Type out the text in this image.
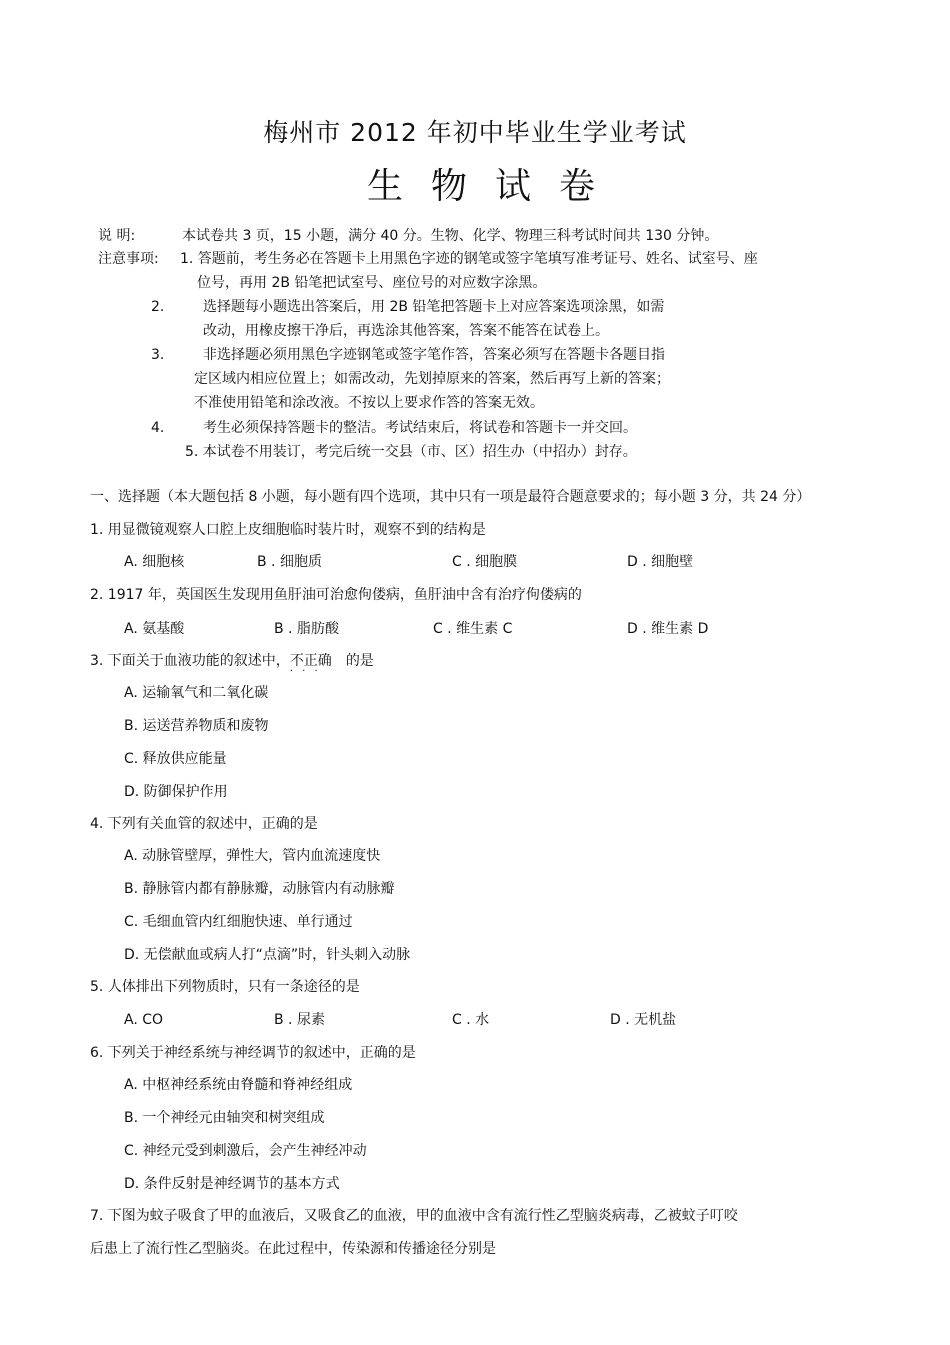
梅州市 2012 年初中毕业生学业考试
生物试卷
说 明:	本试卷共 3 页，15 小题，满分 40 分。生物、化学、物理三科考试时间共 130 分钟。
注意事项: 1. 答题前，考生务必在答题卡上用黑色字迹的钢笔或签字笔填写准考证号、姓名、试室号、座
位号，再用 2B 铅笔把试室号、座位号的对应数字涂黑。
2.	选择题每小题选出答案后，用 2B 铅笔把答题卡上对应答案选项涂黑，如需
改动，用橡皮擦干净后，再选涂其他答案，答案不能答在试卷上。
3.	非选择题必须用黑色字迹钢笔或签字笔作答，答案必须写在答题卡各题目指
定区域内相应位置上；如需改动，先划掉原来的答案，然后再写上新的答案；
不准使用铅笔和涂改液。不按以上要求作答的答案无效。
4.	考生必须保持答题卡的整洁。考试结束后，将试卷和答题卡一并交回。
5. 本试卷不用装订，考完后统一交县（市、区）招生办（中招办）封存。
一、选择题（本大题包括 8 小题，每小题有四个选项，其中只有一项是最符合题意要求的；每小题 3 分，共 24 分）
1. 用显微镜观察人口腔上皮细胞临时装片时，观察不到的结构是
A. 细胞核	B . 细胞质	C . 细胞膜	D . 细胞壁
2. 1917 年，英国医生发现用鱼肝油可治愈佝偻病，鱼肝油中含有治疗佝偻病的
A. 氨基酸	B . 脂肪酸	C . 维生素 C	D . 维生素 D
3. 下面关于血液功能的叙述中，不正确 · · · 的是
A. 运输氧气和二氧化碳
B. 运送营养物质和废物
C. 释放供应能量
D. 防御保护作用
4. 下列有关血管的叙述中，正确的是
A. 动脉管壁厚，弹性大，管内血流速度快
B. 静脉管内都有静脉瓣，动脉管内有动脉瓣
C. 毛细血管内红细胞快速、单行通过
D. 无偿献血或病人打“点滴”时，针头刺入动脉
5. 人体排出下列物质时，只有一条途径的是
A. CO	B . 尿素	C . 水	D . 无机盐
6. 下列关于神经系统与神经调节的叙述中，正确的是
A. 中枢神经系统由脊髓和脊神经组成
B. 一个神经元由轴突和树突组成
C. 神经元受到刺激后，会产生神经冲动
D. 条件反射是神经调节的基本方式
7. 下图为蚊子吸食了甲的血液后，又吸食乙的血液，甲的血液中含有流行性乙型脑炎病毒，乙被蚊子叮咬
后患上了流行性乙型脑炎。在此过程中，传染源和传播途径分别是
